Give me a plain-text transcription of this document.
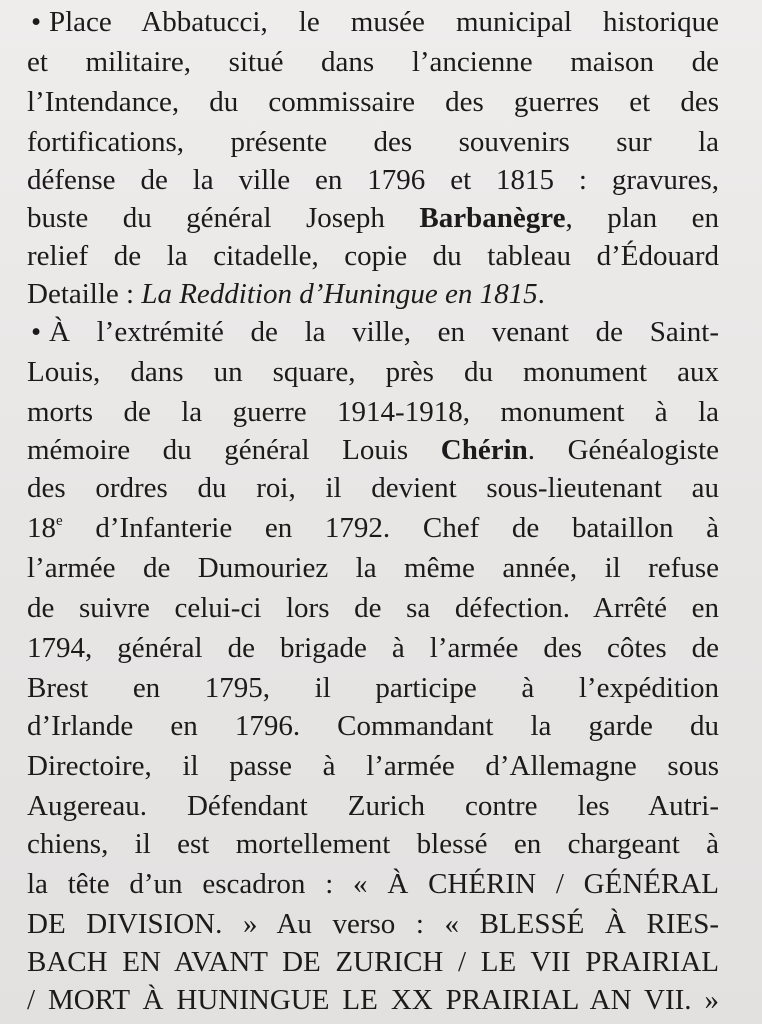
• Place Abbatucci, le musée municipal historique
et militaire, situé dans l’ancienne maison de
l’Intendance, du commissaire des guerres et des
fortifications, présente des souvenirs sur la
défense de la ville en 1796 et 1815 : gravures,
buste du général Joseph Barbanègre, plan en
relief de la citadelle, copie du tableau d’Édouard
Detaille : La Reddition d’Huningue en 1815.
• À l’extrémité de la ville, en venant de Saint-
Louis, dans un square, près du monument aux
morts de la guerre 1914-1918, monument à la
mémoire du général Louis Chérin. Généalogiste
des ordres du roi, il devient sous-lieutenant au
18e d’Infanterie en 1792. Chef de bataillon à
l’armée de Dumouriez la même année, il refuse
de suivre celui-ci lors de sa défection. Arrêté en
1794, général de brigade à l’armée des côtes de
Brest en 1795, il participe à l’expédition
d’Irlande en 1796. Commandant la garde du
Directoire, il passe à l’armée d’Allemagne sous
Augereau. Défendant Zurich contre les Autri-
chiens, il est mortellement blessé en chargeant à
la tête d’un escadron : « À CHÉRIN / GÉNÉRAL
DE DIVISION. » Au verso : « BLESSÉ À RIES-
BACH EN AVANT DE ZURICH / LE VII PRAIRIAL
/ MORT À HUNINGUE LE XX PRAIRIAL AN VII. »
